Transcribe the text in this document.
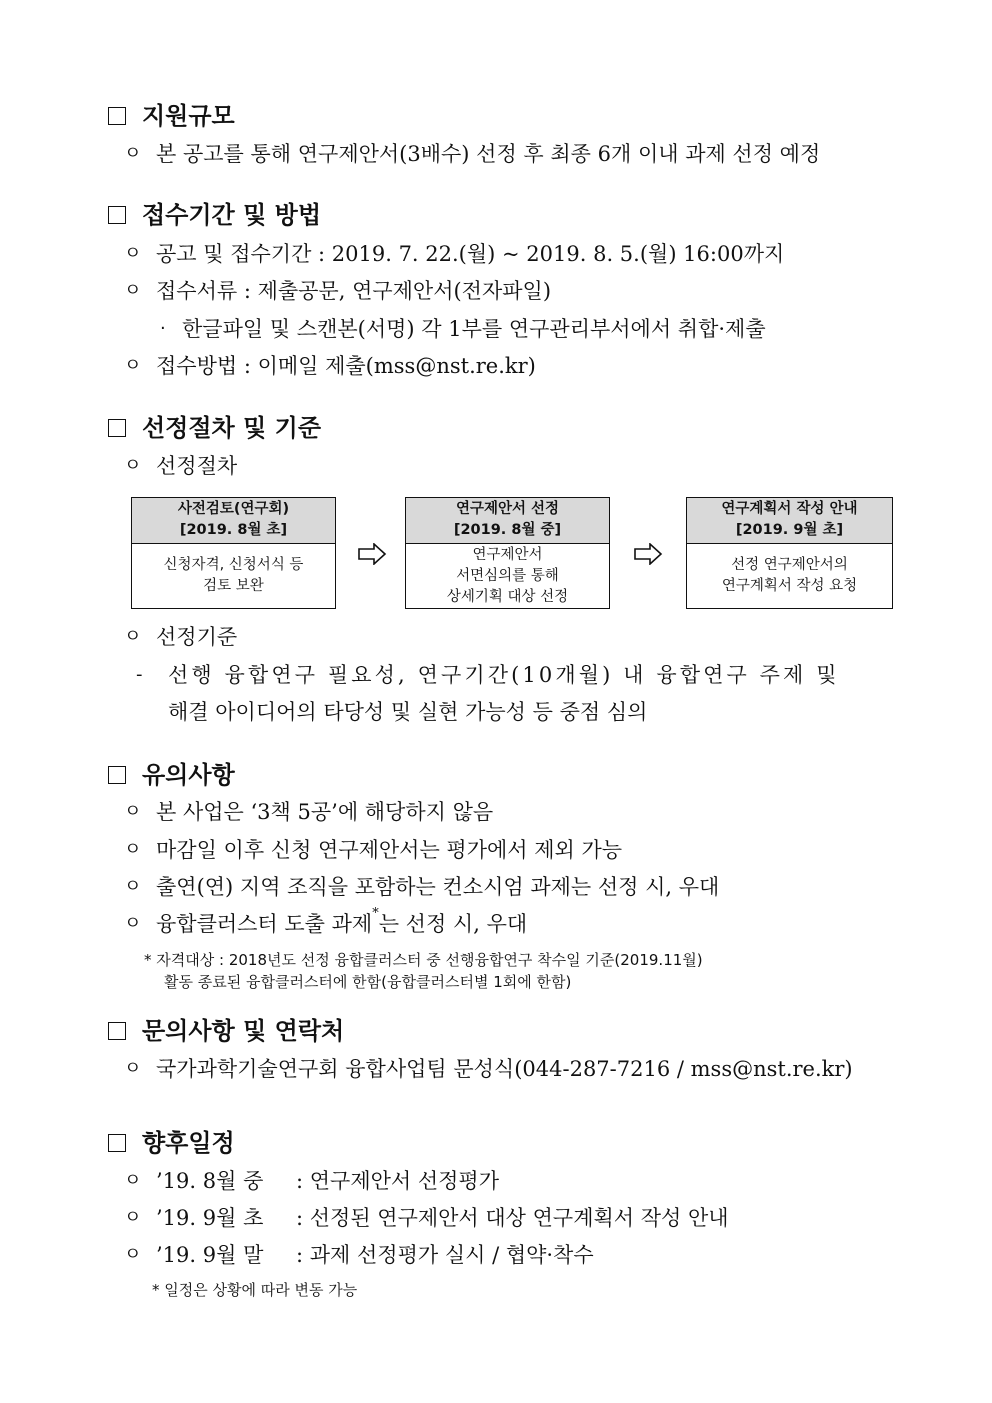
지원규모
ㅇ 본 공고를 통해 연구제안서(3배수) 선정 후 최종 6개 이내 과제 선정 예정
접수기간 및 방법
ㅇ 공고 및 접수기간 : 2019. 7. 22.(월) ~ 2019. 8. 5.(월) 16:00까지
ㅇ 접수서류 : 제출공문, 연구제안서(전자파일)
· 한글파일 및 스캔본(서명) 각 1부를 연구관리부서에서 취합·제출
ㅇ 접수방법 : 이메일 제출(mss@nst.re.kr)
선정절차 및 기준
ㅇ 선정절차
사전검토(연구회)
[2019. 8월 초]
신청자격, 신청서식 등
검토 보완
연구제안서 선정
[2019. 8월 중]
연구제안서
서면심의를 통해
상세기획 대상 선정
연구계획서 작성 안내
[2019. 9월 초]
선정 연구제안서의
연구계획서 작성 요청
ㅇ 선정기준
-	선행 융합연구 필요성, 연구기간(10개월) 내 융합연구 주제 및
해결 아이디어의 타당성 및 실현 가능성 등 중점 심의
유의사항
ㅇ 본 사업은 ‘3책 5공’에 해당하지 않음
ㅇ 마감일 이후 신청 연구제안서는 평가에서 제외 가능
ㅇ 출연(연) 지역 조직을 포함하는 컨소시엄 과제는 선정 시, 우대
ㅇ 융합클러스터 도출 과제 * 는 선정 시, 우대
* 자격대상 : 2018년도 선정 융합클러스터 중 선행융합연구 착수일 기준(2019.11월)
활동 종료된 융합클러스터에 한함(융합클러스터별 1회에 한함)
문의사항 및 연락처
ㅇ 국가과학기술연구회 융합사업팀 문성식(044-287-7216 / mss@nst.re.kr)
향후일정
ㅇ ’19. 8월 중	: 연구제안서 선정평가
ㅇ ’19. 9월 초	: 선정된 연구제안서 대상 연구계획서 작성 안내
ㅇ ’19. 9월 말	: 과제 선정평가 실시 / 협약·착수
* 일정은 상황에 따라 변동 가능
